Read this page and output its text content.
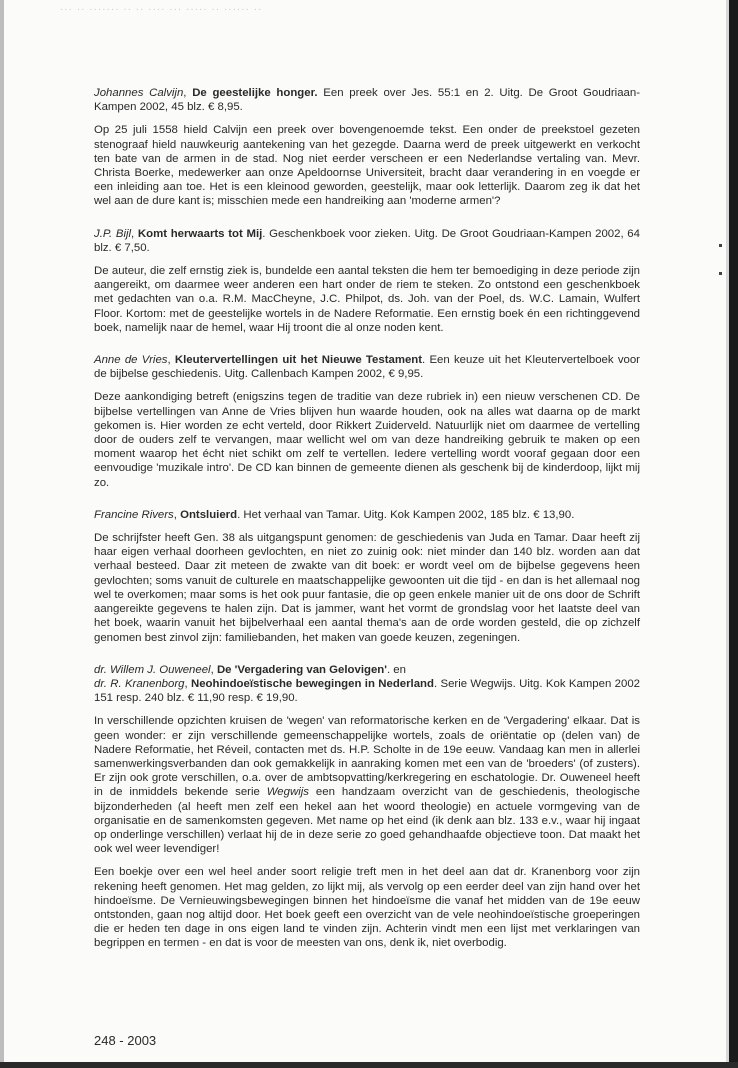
··· ·· ······· ·· ·· ···· ··· ····· ·· ······ ··

Johannes Calvijn, De geestelijke honger. Een preek over Jes. 55:1 en 2. Uitg. De Groot Goudriaan-Kampen 2002, 45 blz. € 8,95.

Op 25 juli 1558 hield Calvijn een preek over bovengenoemde tekst. Een onder de preekstoel gezeten stenograaf hield nauwkeurig aantekening van het gezegde. Daarna werd de preek uitgewerkt en verkocht ten bate van de armen in de stad. Nog niet eerder verscheen er een Nederlandse vertaling van. Mevr. Christa Boerke, medewerker aan onze Apeldoornse Universiteit, bracht daar verandering in en voegde er een inleiding aan toe. Het is een kleinood geworden, geestelijk, maar ook letterlijk. Daarom zeg ik dat het wel aan de dure kant is; misschien mede een handreiking aan 'moderne armen'?

J.P. Bijl, Komt herwaarts tot Mij. Geschenkboek voor zieken. Uitg. De Groot Goudriaan-Kampen 2002, 64 blz. € 7,50.

De auteur, die zelf ernstig ziek is, bundelde een aantal teksten die hem ter bemoediging in deze periode zijn aangereikt, om daarmee weer anderen een hart onder de riem te steken. Zo ontstond een geschenkboek met gedachten van o.a. R.M. MacCheyne, J.C. Philpot, ds. Joh. van der Poel, ds. W.C. Lamain, Wulfert Floor. Kortom: met de geestelijke wortels in de Nadere Reformatie. Een ernstig boek én een richtinggevend boek, namelijk naar de hemel, waar Hij troont die al onze noden kent.

Anne de Vries, Kleutervertellingen uit het Nieuwe Testament. Een keuze uit het Kleutervertelboek voor de bijbelse geschiedenis. Uitg. Callenbach Kampen 2002, € 9,95.

Deze aankondiging betreft (enigszins tegen de traditie van deze rubriek in) een nieuw verschenen CD. De bijbelse vertellingen van Anne de Vries blijven hun waarde houden, ook na alles wat daarna op de markt gekomen is. Hier worden ze echt verteld, door Rikkert Zuiderveld. Natuurlijk niet om daarmee de vertelling door de ouders zelf te vervangen, maar wellicht wel om van deze handreiking gebruik te maken op een moment waarop het écht niet schikt om zelf te vertellen. Iedere vertelling wordt vooraf gegaan door een eenvoudige 'muzikale intro'. De CD kan binnen de gemeente dienen als geschenk bij de kinderdoop, lijkt mij zo.

Francine Rivers, Ontsluierd. Het verhaal van Tamar. Uitg. Kok Kampen 2002, 185 blz. € 13,90.

De schrijfster heeft Gen. 38 als uitgangspunt genomen: de geschiedenis van Juda en Tamar. Daar heeft zij haar eigen verhaal doorheen gevlochten, en niet zo zuinig ook: niet minder dan 140 blz. worden aan dat verhaal besteed. Daar zit meteen de zwakte van dit boek: er wordt veel om de bijbelse gegevens heen gevlochten; soms vanuit de culturele en maatschappelijke gewoonten uit die tijd - en dan is het allemaal nog wel te overkomen; maar soms is het ook puur fantasie, die op geen enkele manier uit de ons door de Schrift aangereikte gegevens te halen zijn. Dat is jammer, want het vormt de grondslag voor het laatste deel van het boek, waarin vanuit het bijbelverhaal een aantal thema's aan de orde worden gesteld, die op zichzelf genomen best zinvol zijn: familiebanden, het maken van goede keuzen, zegeningen.

dr. Willem J. Ouweneel, De 'Vergadering van Gelovigen'. en
dr. R. Kranenborg, Neohindoeïstische bewegingen in Nederland. Serie Wegwijs. Uitg. Kok Kampen 2002 151 resp. 240 blz. € 11,90 resp. € 19,90.

In verschillende opzichten kruisen de 'wegen' van reformatorische kerken en de 'Vergadering' elkaar. Dat is geen wonder: er zijn verschillende gemeenschappelijke wortels, zoals de oriëntatie op (delen van) de Nadere Reformatie, het Réveil, contacten met ds. H.P. Scholte in de 19e eeuw. Vandaag kan men in allerlei samenwerkingsverbanden dan ook gemakkelijk in aanraking komen met een van de 'broeders' (of zusters). Er zijn ook grote verschillen, o.a. over de ambtsopvatting/kerkregering en eschatologie. Dr. Ouweneel heeft in de inmiddels bekende serie Wegwijs een handzaam overzicht van de geschiedenis, theologische bijzonderheden (al heeft men zelf een hekel aan het woord theologie) en actuele vormgeving van de organisatie en de samenkomsten gegeven. Met name op het eind (ik denk aan blz. 133 e.v., waar hij ingaat op onderlinge verschillen) verlaat hij de in deze serie zo goed gehandhaafde objectieve toon. Dat maakt het ook wel weer levendiger!

Een boekje over een wel heel ander soort religie treft men in het deel aan dat dr. Kranenborg voor zijn rekening heeft genomen. Het mag gelden, zo lijkt mij, als vervolg op een eerder deel van zijn hand over het hindoeïsme. De Vernieuwingsbewegingen binnen het hindoeïsme die vanaf het midden van de 19e eeuw ontstonden, gaan nog altijd door. Het boek geeft een overzicht van de vele neohindoeïstische groeperingen die er heden ten dage in ons eigen land te vinden zijn. Achterin vindt men een lijst met verklaringen van begrippen en termen - en dat is voor de meesten van ons, denk ik, niet overbodig.

248 - 2003
